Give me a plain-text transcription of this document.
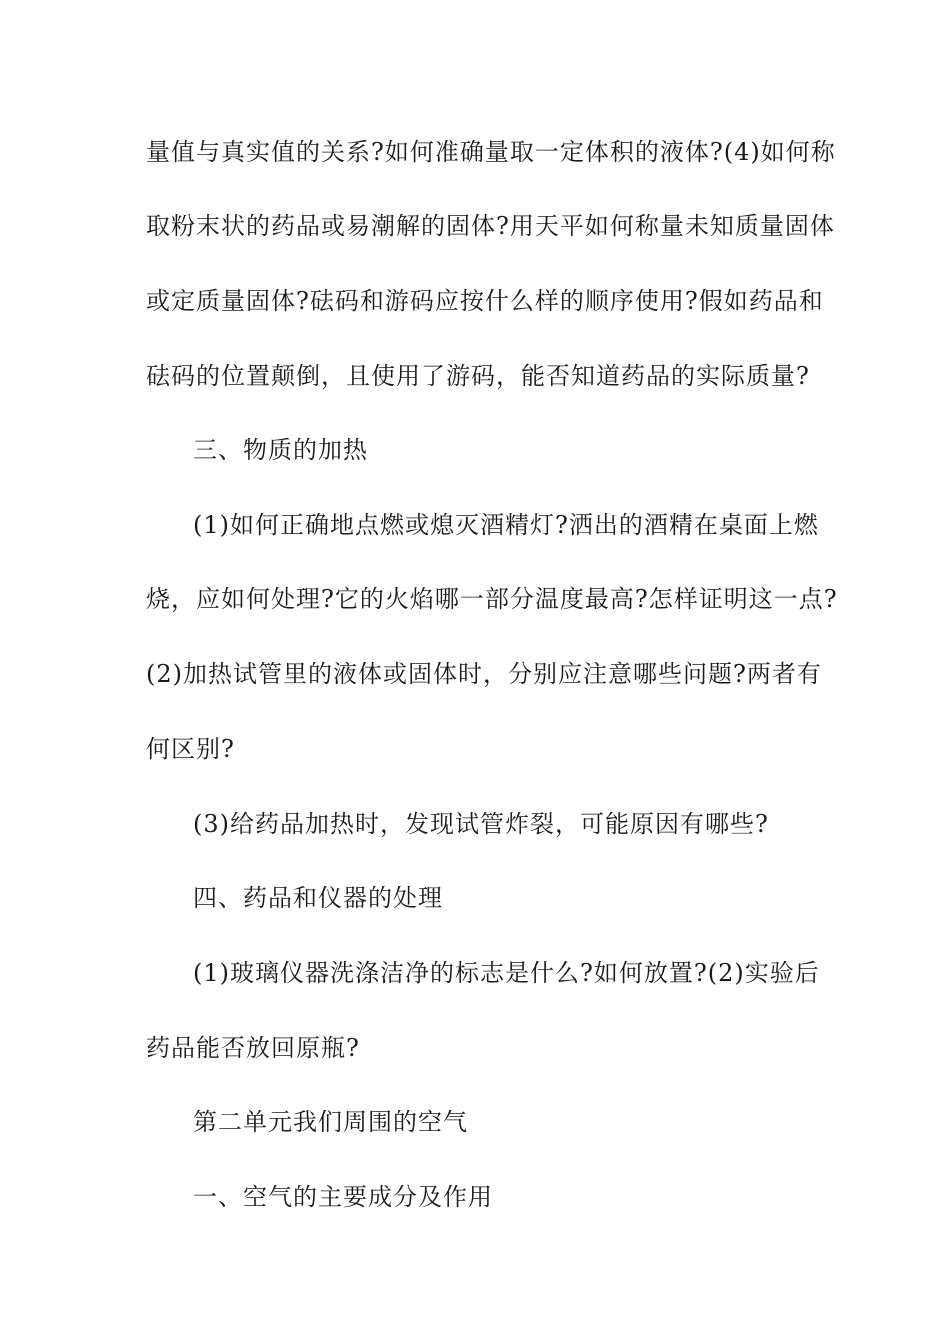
量值与真实值的关系?如何准确量取一定体积的液体?(4)如何称
取粉末状的药品或易潮解的固体?用天平如何称量未知质量固体
或定质量固体?砝码和游码应按什么样的顺序使用?假如药品和
砝码的位置颠倒，且使用了游码，能否知道药品的实际质量?
三、物质的加热
(1)如何正确地点燃或熄灭酒精灯?洒出的酒精在桌面上燃
烧，应如何处理?它的火焰哪一部分温度最高?怎样证明这一点?
(2)加热试管里的液体或固体时，分别应注意哪些问题?两者有
何区别?
(3)给药品加热时，发现试管炸裂，可能原因有哪些?
四、药品和仪器的处理
(1)玻璃仪器洗涤洁净的标志是什么?如何放置?(2)实验后
药品能否放回原瓶?
第二单元我们周围的空气
一、空气的主要成分及作用
